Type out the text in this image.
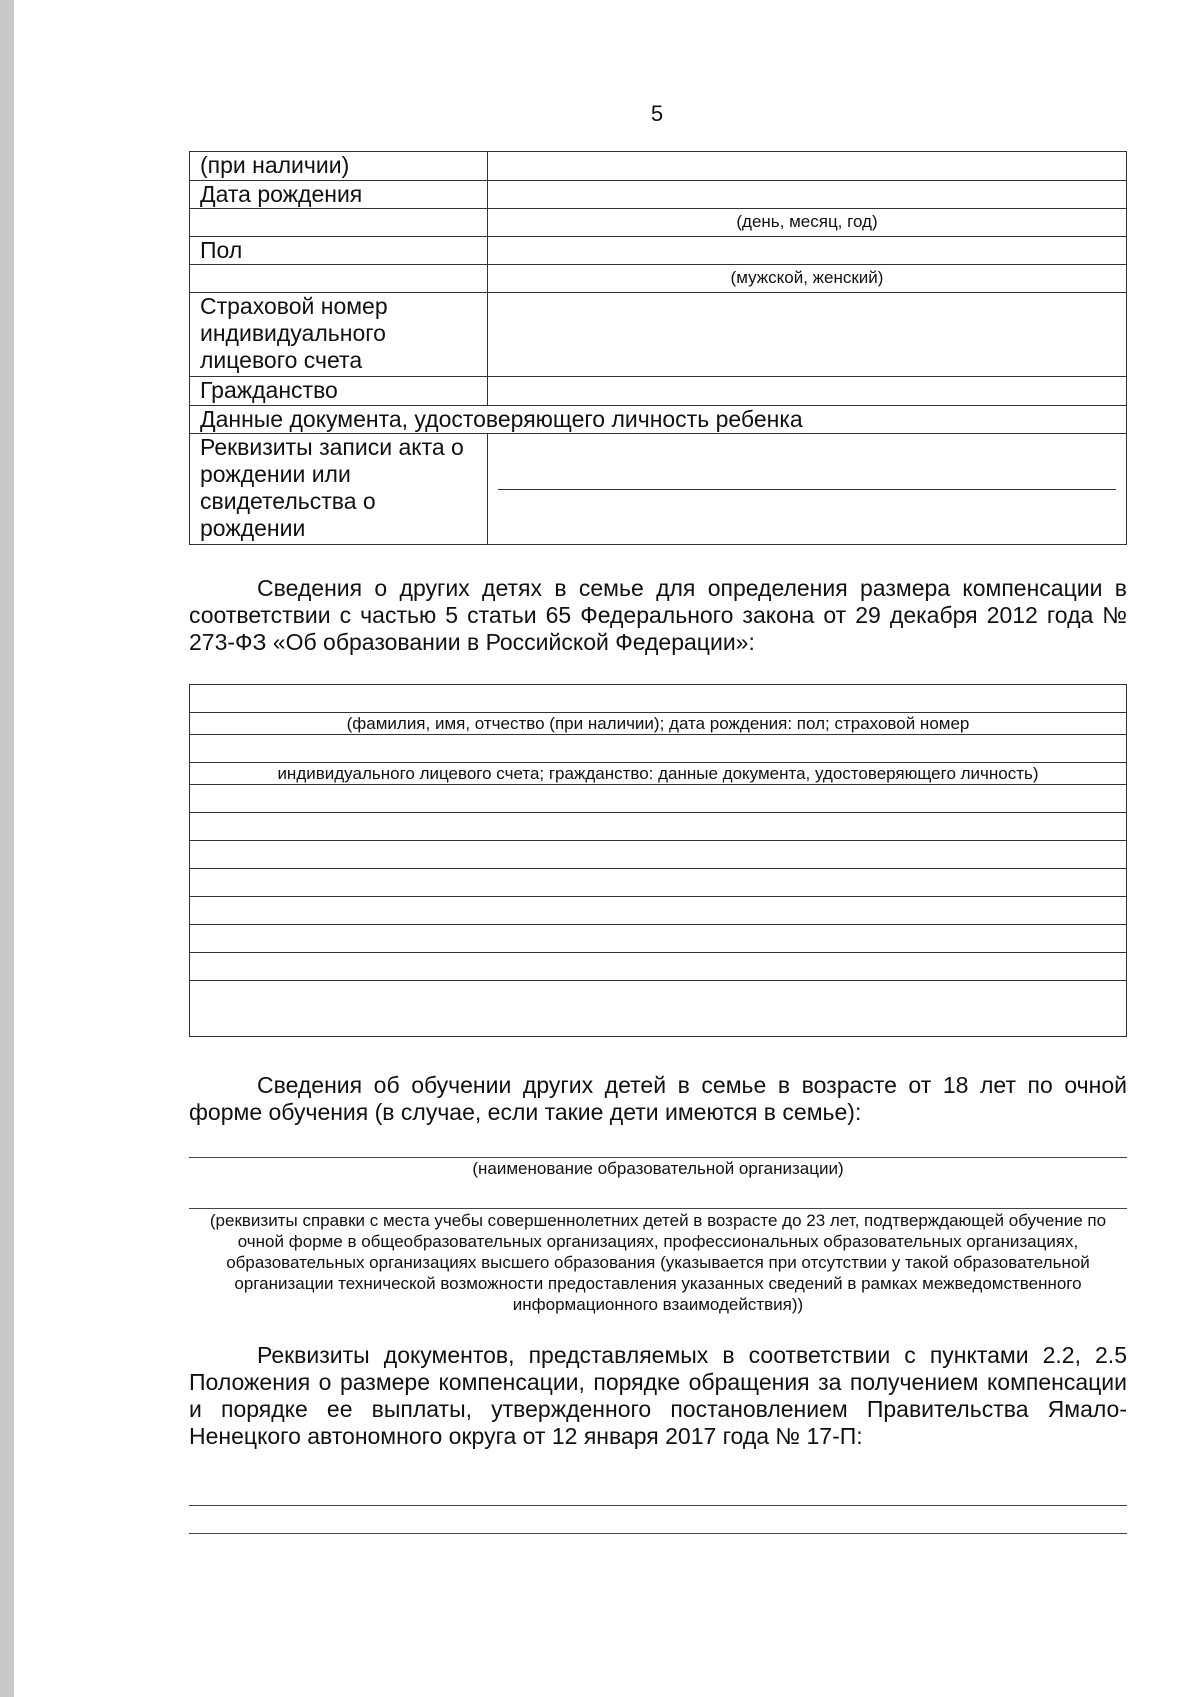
5
(при наличии)	
Дата рождения	
	(день, месяц, год)
Пол	
	(мужской, женский)
Страховой номер индивидуального лицевого счета	
Гражданство	
Данные документа, удостоверяющего личность ребенка	
Реквизиты записи акта о рождении или свидетельства о рождении	
Сведения о других детях в семье для определения размера компенсации в соответствии с частью 5 статьи 65 Федерального закона от 29 декабря 2012 года № 273-ФЗ «Об образовании в Российской Федерации»:

(фамилия, имя, отчество (при наличии); дата рождения: пол; страховой номер

индивидуального лицевого счета; гражданство: данные документа, удостоверяющего личность)

Сведения об обучении других детей в семье в возрасте от 18 лет по очной форме обучения (в случае, если такие дети имеются в семье):
(наименование образовательной организации)
(реквизиты справки с места учебы совершеннолетних детей в возрасте до 23 лет, подтверждающей обучение по очной форме в общеобразовательных организациях, профессиональных образовательных организациях, образовательных организациях высшего образования (указывается при отсутствии у такой образовательной организации технической возможности предоставления указанных сведений в рамках межведомственного информационного взаимодействия))
Реквизиты документов, представляемых в соответствии с пунктами 2.2, 2.5 Положения о размере компенсации, порядке обращения за получением компенсации и порядке ее выплаты, утвержденного постановлением Правительства Ямало-Ненецкого автономного округа от 12 января 2017 года № 17-П:
